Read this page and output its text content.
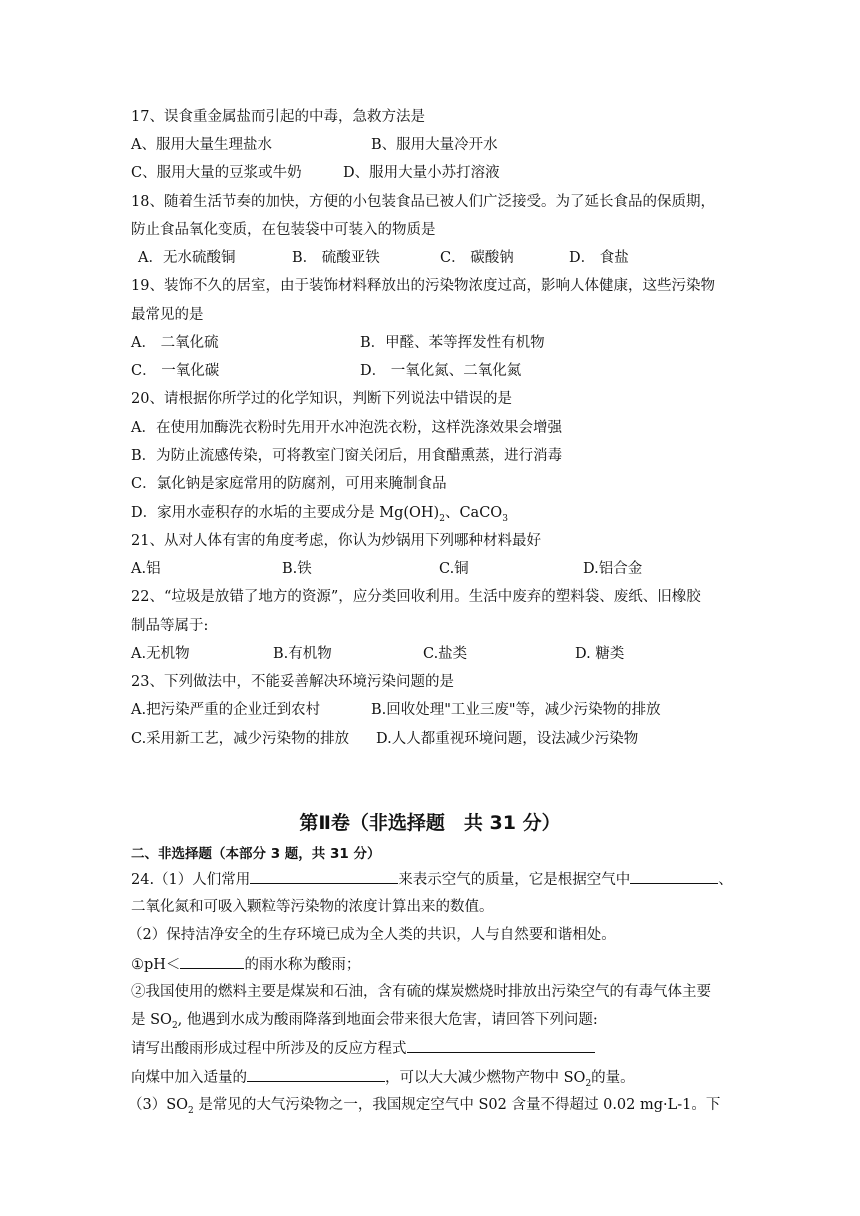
17、误食重金属盐而引起的中毒，急救方法是
A、服用大量生理盐水	B、服用大量冷开水
C、服用大量的豆浆或牛奶	D、服用大量小苏打溶液
18、随着生活节奏的加快，方便的小包装食品已被人们广泛接受。为了延长食品的保质期，
防止食品氧化变质，在包装袋中可装入的物质是
A．无水硫酸铜	B． 硫酸亚铁	C． 碳酸钠	D． 食盐
19、装饰不久的居室，由于装饰材料释放出的污染物浓度过高，影响人体健康，这些污染物
最常见的是
A． 二氧化硫	B．甲醛、苯等挥发性有机物
C． 一氧化碳	D． 一氧化氮、二氧化氮
20、请根据你所学过的化学知识，判断下列说法中错误的是
A．在使用加酶洗衣粉时先用开水冲泡洗衣粉，这样洗涤效果会增强
B．为防止流感传染，可将教室门窗关闭后，用食醋熏蒸，进行消毒
C．氯化钠是家庭常用的防腐剂，可用来腌制食品
D．家用水壶积存的水垢的主要成分是 $Mg(OH)_2$、CaCO$_3$
21、从对人体有害的角度考虑，你认为炒锅用下列哪种材料最好
A.铝	B.铁	C.铜	D.铝合金
22、“垃圾是放错了地方的资源”，应分类回收利用。生活中废弃的塑料袋、废纸、旧橡胶
制品等属于:
A.无机物	B.有机物	C.盐类	D. 糖类
23、下列做法中，不能妥善解决环境污染问题的是
A.把污染严重的企业迁到农村	B.回收处理"工业三废"等，减少污染物的排放
C.采用新工艺，减少污染物的排放 D.人人都重视环境问题，设法减少污染物
第Ⅱ卷（非选择题　共 31 分）
二、非选择题（本部分 3 题，共 31 分）
24.（1）人们常用	来表示空气的质量，它是根据空气中	、
二氧化氮和可吸入颗粒等污染物的浓度计算出来的数值。
（2）保持洁净安全的生存环境已成为全人类的共识，人与自然要和谐相处。
①pH＜	的雨水称为酸雨；
②我国使用的燃料主要是煤炭和石油，含有硫的煤炭燃烧时排放出污染空气的有毒气体主要
是 $SO_2$, 他遇到水成为酸雨降落到地面会带来很大危害，请回答下列问题:
请写出酸雨形成过程中所涉及的反应方程式
向煤中加入适量的	，可以大大减少燃物产物中 $SO_2$的量。
$(3)SO_2$ 是常见的大气污染物之一，我国规定空气中 S02 含量不得超过 0.02 mg·L-1。下
